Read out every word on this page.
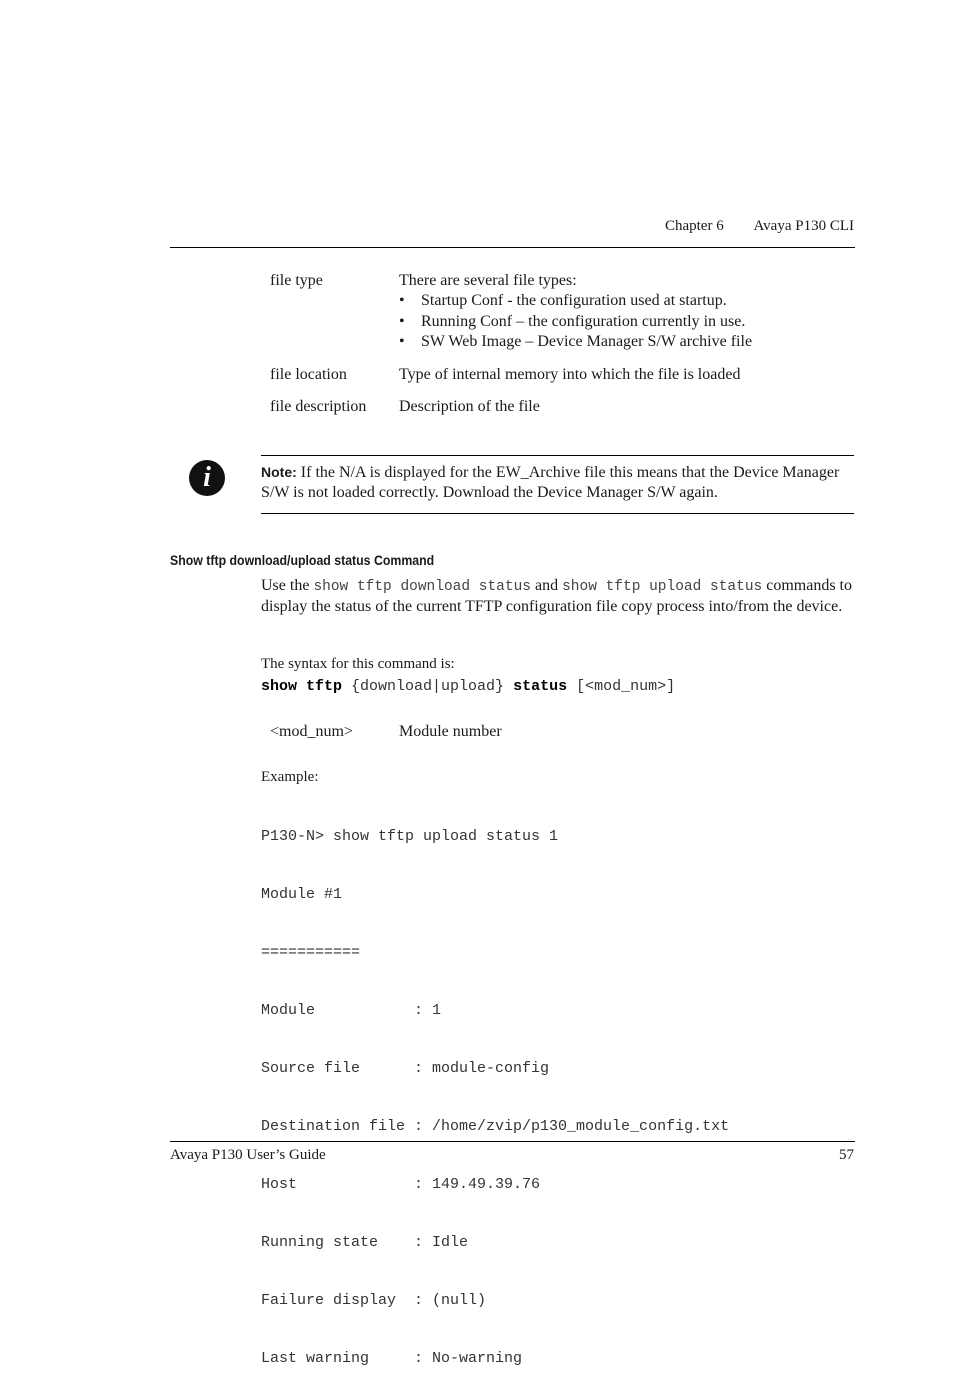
Chapter 6 Avaya P130 CLI
file type	There are several file types:
• Startup Conf - the configuration used at startup.
• Running Conf – the configuration currently in use.
• SW Web Image – Device Manager S/W archive file
file location	Type of internal memory into which the file is loaded
file description Description of the file
i	Note: If the N/A is displayed for the EW_Archive file this means that the Device Manager S/W is not loaded correctly. Download the Device Manager S/W again.
Show tftp download/upload status Command
Use the show tftp download status and show tftp upload status commands to display the status of the current TFTP configuration file copy process into/from the device.
The syntax for this command is:
show tftp {download|upload} status [<mod_num>]
<mod_num>	Module number
Example:

P130-N> show tftp upload status 1

Module #1

===========

Module           : 1

Source file      : module-config

Destination file : /home/zvip/p130_module_config.txt

Host             : 149.49.39.76

Running state    : Idle

Failure display  : (null)

Last warning     : No-warning

Avaya P130 User’s Guide	57
